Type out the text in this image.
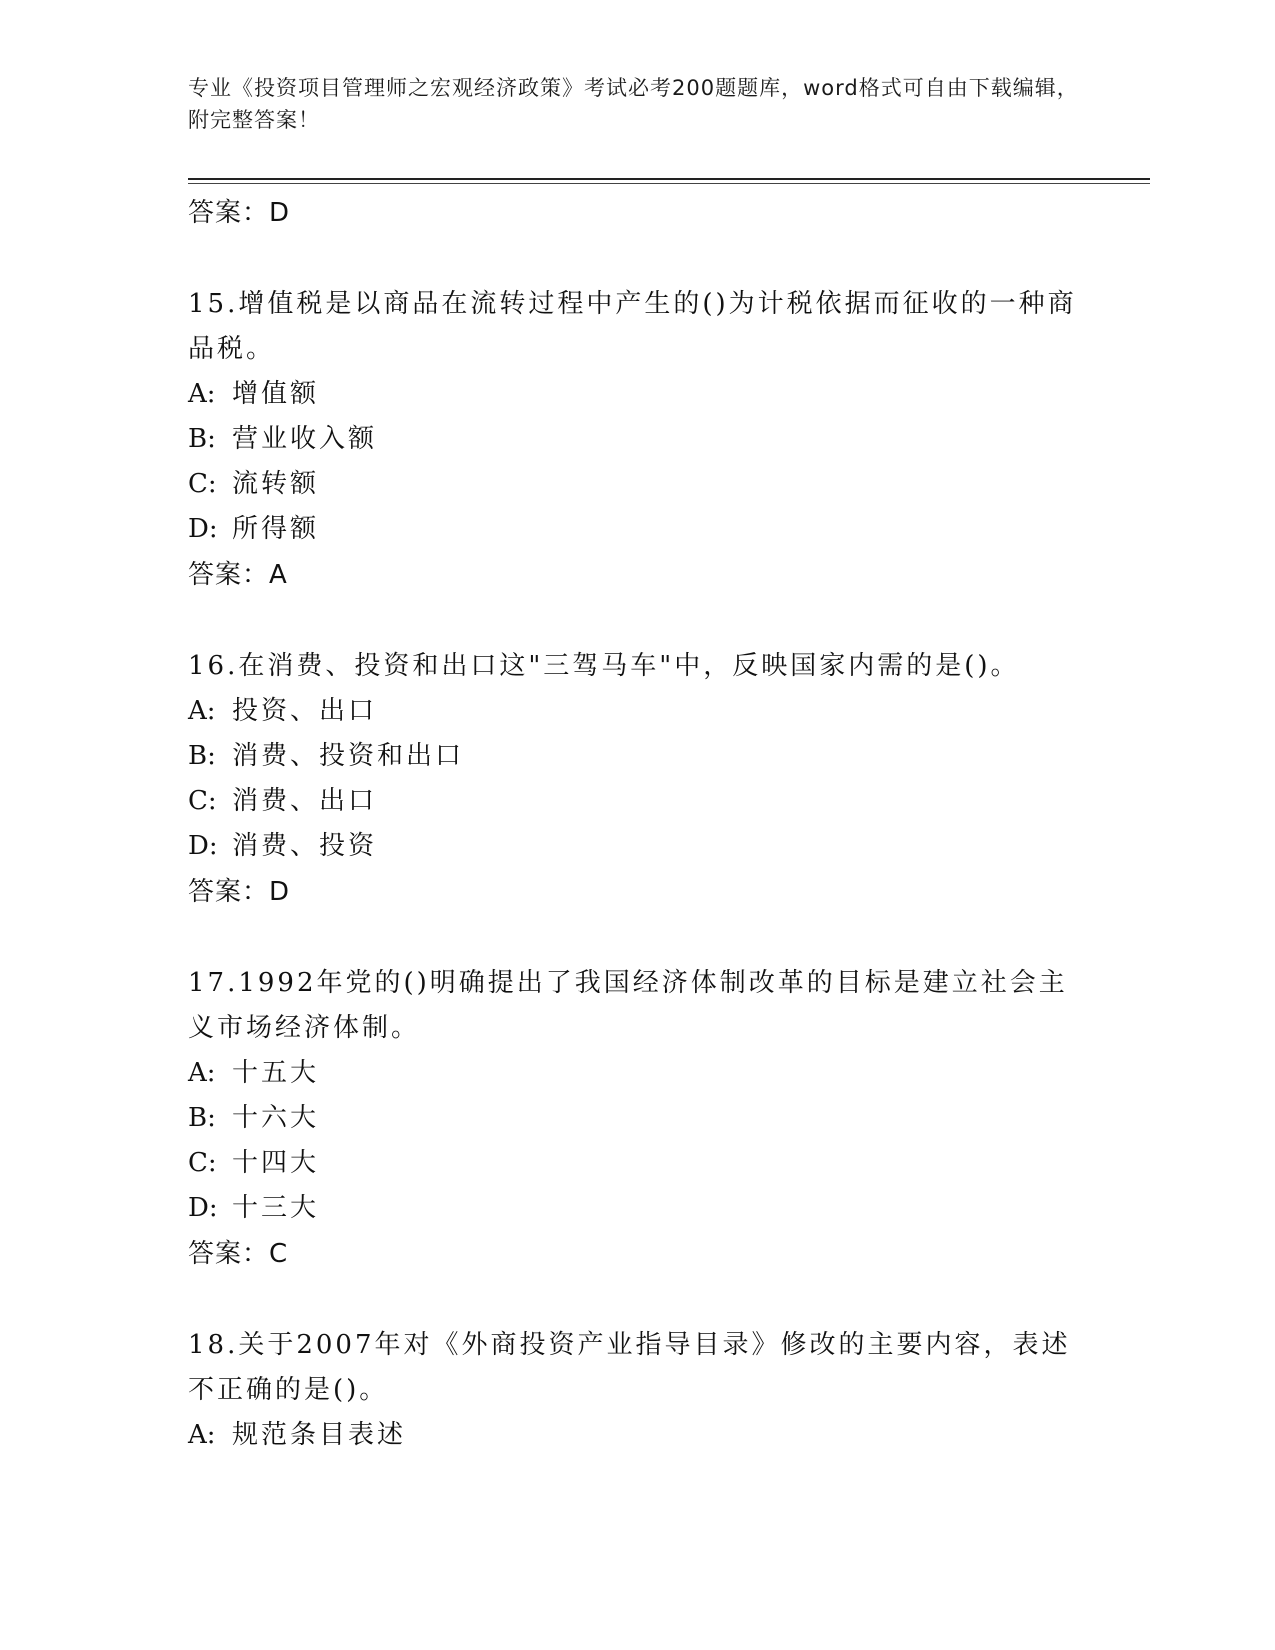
专业《投资项目管理师之宏观经济政策》考试必考200题题库，word格式可自由下载编辑，附完整答案！
答案：D
15.增值税是以商品在流转过程中产生的()为计税依据而征收的一种商品税。
A: 增值额
B: 营业收入额
C: 流转额
D: 所得额
答案：A
16.在消费、投资和出口这"三驾马车"中，反映国家内需的是()。
A: 投资、出口
B: 消费、投资和出口
C: 消费、出口
D: 消费、投资
答案：D
17.1992年党的()明确提出了我国经济体制改革的目标是建立社会主义市场经济体制。
A: 十五大
B: 十六大
C: 十四大
D: 十三大
答案：C
18.关于2007年对《外商投资产业指导目录》修改的主要内容，表述不正确的是()。
A: 规范条目表述
